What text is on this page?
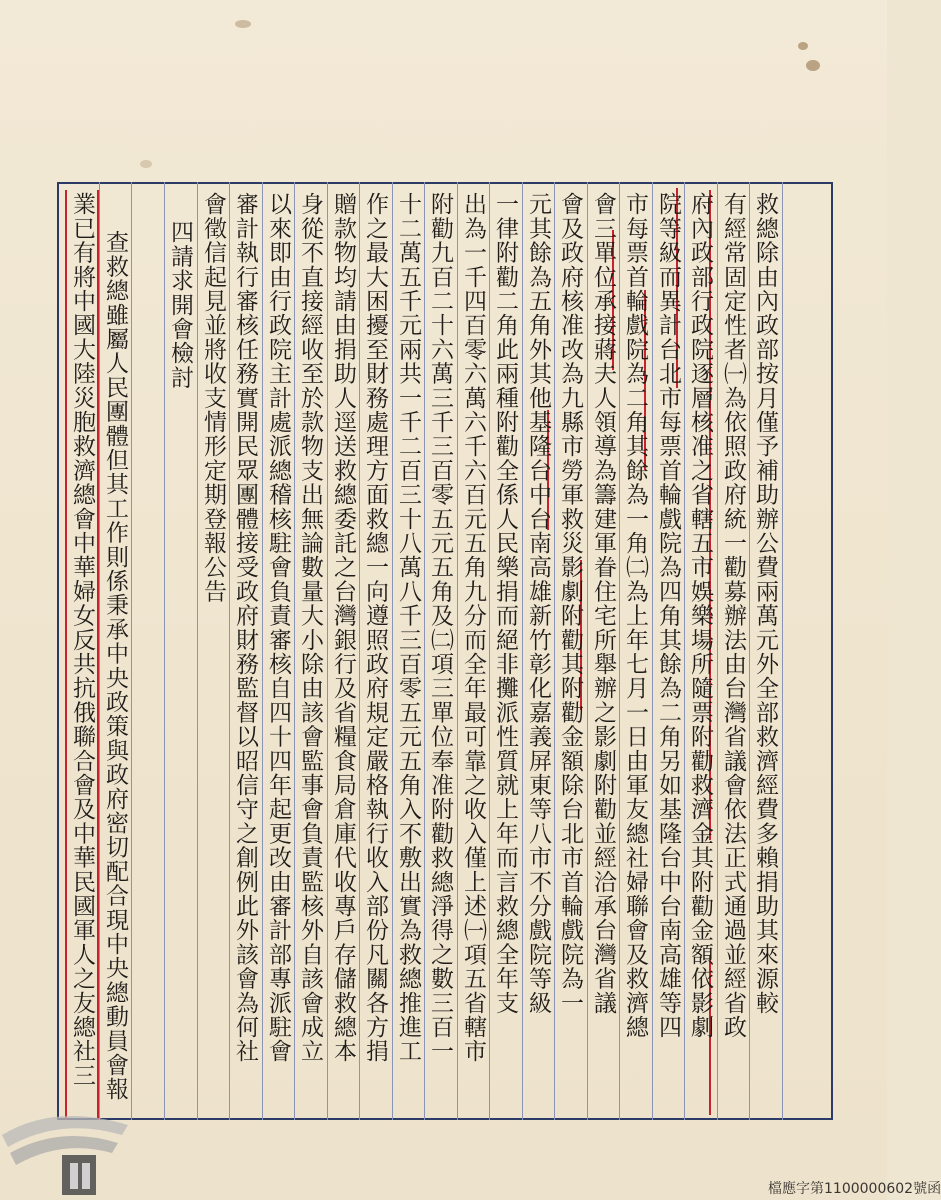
救總除由內政部按月僅予補助辦公費兩萬元外全部救濟經費多賴捐助其來源較
有經常固定性者㈠為依照政府統一勸募辦法由台灣省議會依法正式通過並經省政
府內政部行政院逐層核准之省轄五市娛樂場所隨票附勸救濟金其附勸金額依影劇
院等級而異計台北市每票首輪戲院為四角其餘為二角另如基隆台中台南高雄等四
市每票首輪戲院為二角其餘為一角㈡為上年七月一日由軍友總社婦聯會及救濟總
會三單位承接蔣夫人領導為籌建軍眷住宅所舉辦之影劇附勸並經洽承台灣省議
會及政府核准改為九縣市勞軍救災影劇附勸其附勸金額除台北市首輪戲院為一
元其餘為五角外其他基隆台中台南高雄新竹彰化嘉義屏東等八市不分戲院等級
一律附勸二角此兩種附勸全係人民樂捐而絕非攤派性質就上年而言救總全年支
出為一千四百零六萬六千六百元五角九分而全年最可靠之收入僅上述㈠項五省轄市
附勸九百二十六萬三千三百零五元五角及㈡項三單位奉准附勸救總淨得之數三百一
十二萬五千元兩共一千二百三十八萬八千三百零五元五角入不敷出實為救總推進工
作之最大困擾至財務處理方面救總一向遵照政府規定嚴格執行收入部份凡關各方捐
贈款物均請由捐助人逕送救總委託之台灣銀行及省糧食局倉庫代收專戶存儲救總本
身從不直接經收至於款物支出無論數量大小除由該會監事會負責監核外自該會成立
以來即由行政院主計處派總稽核駐會負責審核自四十四年起更改由審計部專派駐會
審計執行審核任務實開民眾團體接受政府財務監督以昭信守之創例此外該會為何社
會徵信起見並將收支情形定期登報公告
四請求開會檢討
查救總雖屬人民團體但其工作則係秉承中央政策與政府密切配合現中央總動員會報
業已有將中國大陸災胞救濟總會中華婦女反共抗俄聯合會及中華民國軍人之友總社三
檔應字第1100000602號函
